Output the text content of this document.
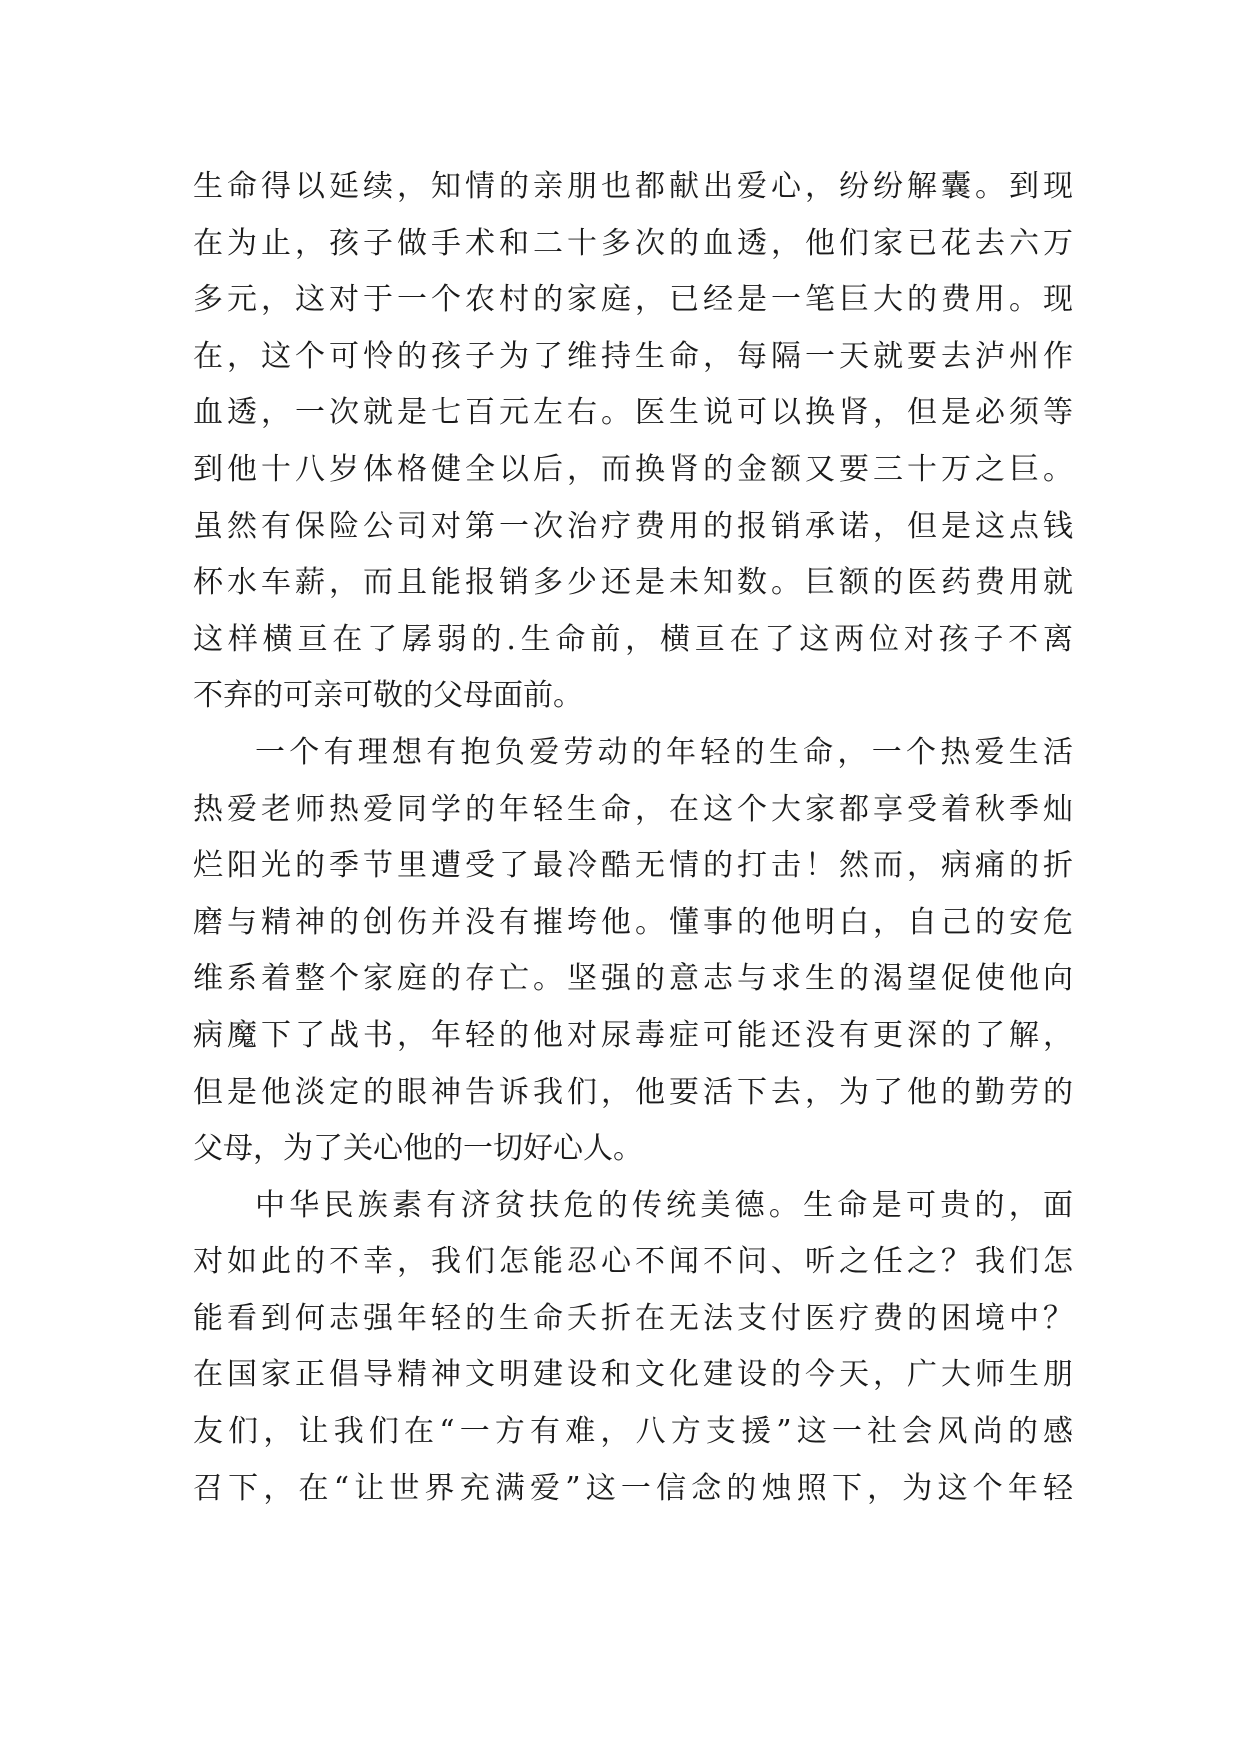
生命得以延续，知情的亲朋也都献出爱心，纷纷解囊。到现
在为止，孩子做手术和二十多次的血透，他们家已花去六万
多元，这对于一个农村的家庭，已经是一笔巨大的费用。现
在，这个可怜的孩子为了维持生命，每隔一天就要去泸州作
血透，一次就是七百元左右。医生说可以换肾，但是必须等
到他十八岁体格健全以后，而换肾的金额又要三十万之巨。
虽然有保险公司对第一次治疗费用的报销承诺，但是这点钱
杯水车薪，而且能报销多少还是未知数。巨额的医药费用就
这样横亘在了孱弱的.生命前，横亘在了这两位对孩子不离
不弃的可亲可敬的父母面前。
一个有理想有抱负爱劳动的年轻的生命，一个热爱生活
热爱老师热爱同学的年轻生命，在这个大家都享受着秋季灿
烂阳光的季节里遭受了最冷酷无情的打击！然而，病痛的折
磨与精神的创伤并没有摧垮他。懂事的他明白，自己的安危
维系着整个家庭的存亡。坚强的意志与求生的渴望促使他向
病魔下了战书，年轻的他对尿毒症可能还没有更深的了解，
但是他淡定的眼神告诉我们，他要活下去，为了他的勤劳的
父母，为了关心他的一切好心人。
中华民族素有济贫扶危的传统美德。生命是可贵的，面
对如此的不幸，我们怎能忍心不闻不问、听之任之？我们怎
能看到何志强年轻的生命夭折在无法支付医疗费的困境中？
在国家正倡导精神文明建设和文化建设的今天，广大师生朋
友们，让我们在“一方有难，八方支援”这一社会风尚的感
召下，在“让世界充满爱”这一信念的烛照下，为这个年轻
